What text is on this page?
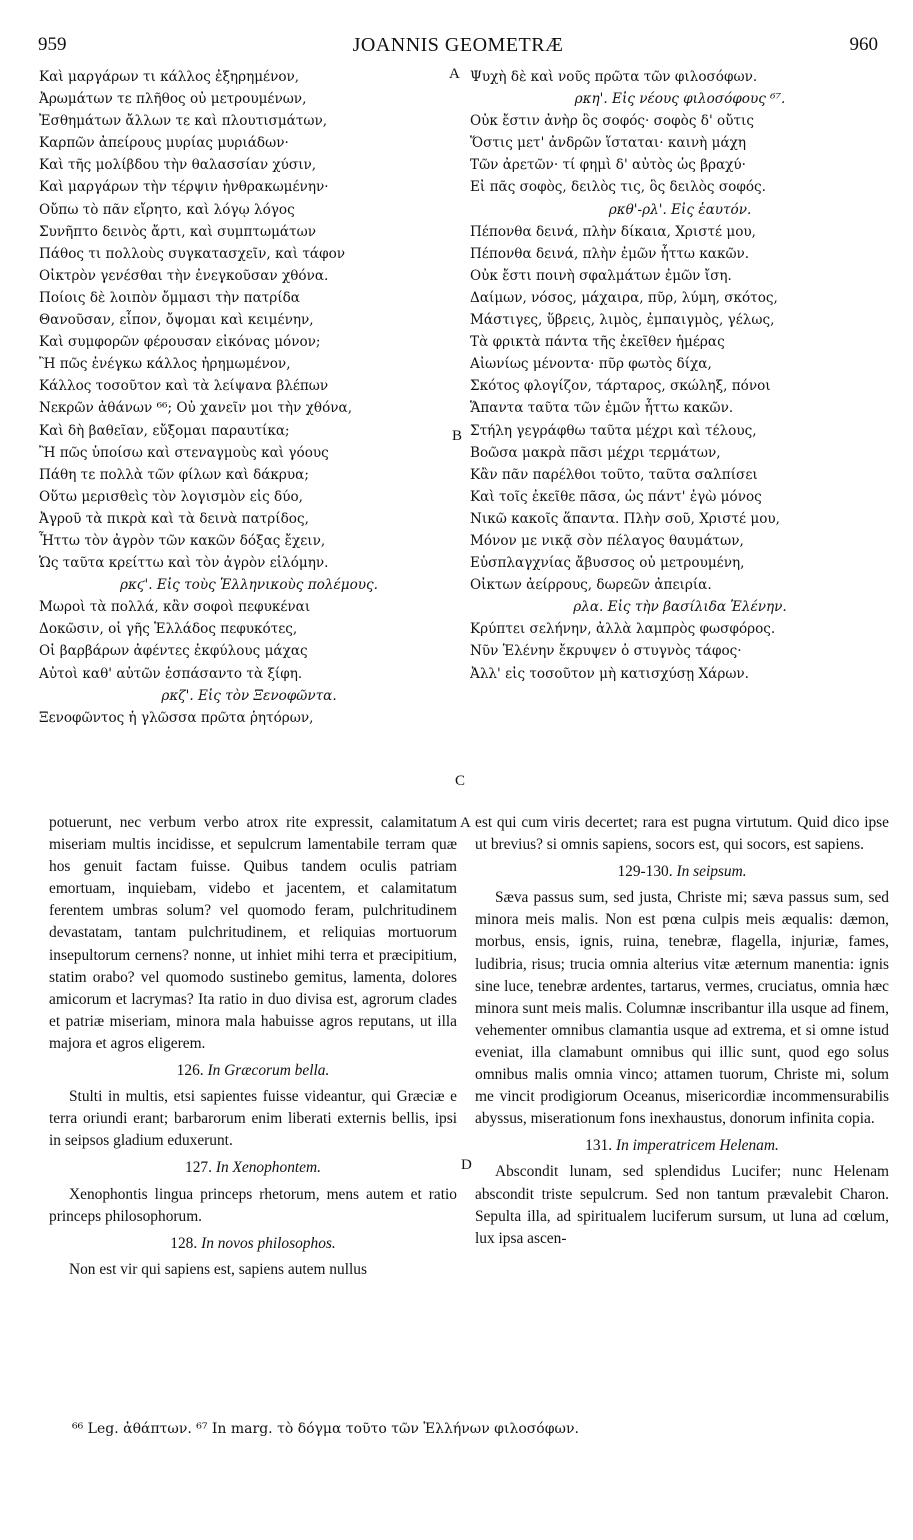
959	JOANNIS GEOMETRÆ	960
Καὶ μαργάρων τι κάλλος ἐξηρημένον,
Ἀρωμάτων τε πλῆθος οὐ μετρουμένων,
Ἐσθημάτων ἄλλων τε καὶ πλουτισμάτων,
Καρπῶν ἀπείρους μυρίας μυριάδων·
Καὶ τῆς μολίβδου τὴν θαλασσίαν χύσιν,
Καὶ μαργάρων τὴν τέρψιν ἠνθρακωμένην·
Οὔπω τὸ πᾶν εἴρητο, καὶ λόγῳ λόγος
Συνῆπτο δεινὸς ἄρτι, καὶ συμπτωμάτων
Πάθος τι πολλοὺς συγκατασχεῖν, καὶ τάφον
Οἰκτρὸν γενέσθαι τὴν ἐνεγκοῦσαν χθόνα.
Ποίοις δὲ λοιπὸν ὄμμασι τὴν πατρίδα
Θανοῦσαν, εἶπον, ὄψομαι καὶ κειμένην,
Καὶ συμφορῶν φέρουσαν εἰκόνας μόνον;
Ἢ πῶς ἐνέγκω κάλλος ἠρημωμένον,
Κάλλος τοσοῦτον καὶ τὰ λείψανα βλέπων
Νεκρῶν ἀθάνων ⁶⁶; Οὐ χανεῖν μοι τὴν χθόνα,
Καὶ δὴ βαθεῖαν, εὔξομαι παραυτίκα;
Ἢ πῶς ὑποίσω καὶ στεναγμοὺς καὶ γόους
Πάθη τε πολλὰ τῶν φίλων καὶ δάκρυα;
Οὕτω μερισθεὶς τὸν λογισμὸν εἰς δύο,
Ἀγροῦ τὰ πικρὰ καὶ τὰ δεινὰ πατρίδος,
Ἧττω τὸν ἀγρὸν τῶν κακῶν δόξας ἔχειν,
Ὡς ταῦτα κρείττω καὶ τὸν ἀγρὸν εἱλόμην.
ρκϛ'. Εἰς τοὺς Ἑλληνικοὺς πολέμους.
Μωροὶ τὰ πολλά, κἂν σοφοὶ πεφυκέναι
Δοκῶσιν, οἱ γῆς Ἑλλάδος πεφυκότες,
Οἱ βαρβάρων ἀφέντες ἐκφύλους μάχας
Αὐτοὶ καθ' αὑτῶν ἐσπάσαντο τὰ ξίφη.
ρκζ'. Εἰς τὸν Ξενοφῶντα.
Ξενοφῶντος ἡ γλῶσσα πρῶτα ῥητόρων,
Ψυχὴ δὲ καὶ νοῦς πρῶτα τῶν φιλοσόφων.
ρκη'. Εἰς νέους φιλοσόφους ⁶⁷.
Οὐκ ἔστιν ἀνὴρ ὃς σοφός· σοφὸς δ' οὔτις
Ὅστις μετ' ἀνδρῶν ἵσταται· καινὴ μάχη
Τῶν ἀρετῶν· τί φημὶ δ' αὐτὸς ὡς βραχύ·
Εἰ πᾶς σοφὸς, δειλὸς τις, ὃς δειλὸς σοφός.
ρκθ'-ρλ'. Εἰς ἑαυτόν.
Πέπονθα δεινά, πλὴν δίκαια, Χριστέ μου,
Πέπονθα δεινά, πλὴν ἐμῶν ἧττω κακῶν.
Οὐκ ἔστι ποινὴ σφαλμάτων ἐμῶν ἴση.
Δαίμων, νόσος, μάχαιρα, πῦρ, λύμη, σκότος,
Μάστιγες, ὕβρεις, λιμὸς, ἐμπαιγμὸς, γέλως,
Τὰ φρικτὰ πάντα τῆς ἐκεῖθεν ἡμέρας
Αἰωνίως μένοντα· πῦρ φωτὸς δίχα,
Σκότος φλογίζον, τάρταρος, σκώληξ, πόνοι
Ἅπαντα ταῦτα τῶν ἐμῶν ἧττω κακῶν.
Στήλη γεγράφθω ταῦτα μέχρι καὶ τέλους,
Βοῶσα μακρὰ πᾶσι μέχρι τερμάτων,
Κἂν πᾶν παρέλθοι τοῦτο, ταῦτα σαλπίσει
Καὶ τοῖς ἐκεῖθε πᾶσα, ὡς πάντ' ἐγὼ μόνος
Νικῶ κακοῖς ἅπαντα. Πλὴν σοῦ, Χριστέ μου,
Μόνον με νικᾷ σὸν πέλαγος θαυμάτων,
Εὐσπλαγχνίας ἄβυσσος οὐ μετρουμένη,
Οἰκτων ἀείρρους, δωρεῶν ἀπειρία.
ρλα. Εἰς τὴν βασίλιδα Ἑλένην.
Κρύπτει σελήνην, ἀλλὰ λαμπρὸς φωσφόρος.
Νῦν Ἑλένην ἔκρυψεν ὁ στυγνὸς τάφος·
Ἀλλ' εἰς τοσοῦτον μὴ κατισχύσῃ Χάρων.

potuerunt, nec verbum verbo atrox rite expressit, calamitatum miseriam multis incidisse, et sepulcrum lamentabile terram quæ hos genuit factam fuisse. Quibus tandem oculis patriam emortuam, inquiebam, videbo et jacentem, et calamitatum ferentem umbras solum? vel quomodo feram, pulchritudinem devastatam, tantam pulchritudinem, et reliquias mortuorum insepultorum cernens? nonne, ut inhiet mihi terra et præcipitium, statim orabo? vel quomodo sustinebo gemitus, lamenta, dolores amicorum et lacrymas? Ita ratio in duo divisa est, agrorum clades et patriæ miseriam, minora mala habuisse agros reputans, ut illa majora et agros eligerem.

126. In Græcorum bella.

Stulti in multis, etsi sapientes fuisse videantur, qui Græciæ e terra oriundi erant; barbarorum enim liberati externis bellis, ipsi in seipsos gladium eduxerunt.

127. In Xenophontem.

Xenophontis lingua princeps rhetorum, mens autem et ratio princeps philosophorum.

128. In novos philosophos.

Non est vir qui sapiens est, sapiens autem nullus

est qui cum viris decertet; rara est pugna virtutum. Quid dico ipse ut brevius? si omnis sapiens, socors est, qui socors, est sapiens.

129-130. In seipsum.

Sæva passus sum, sed justa, Christe mi; sæva passus sum, sed minora meis malis. Non est pœna culpis meis æqualis: dæmon, morbus, ensis, ignis, ruina, tenebræ, flagella, injuriæ, fames, ludibria, risus; trucia omnia alterius vitæ æternum manentia: ignis sine luce, tenebræ ardentes, tartarus, vermes, cruciatus, omnia hæc minora sunt meis malis. Columnæ inscribantur illa usque ad finem, vehementer omnibus clamantia usque ad extrema, et si omne istud eveniat, illa clamabunt omnibus qui illic sunt, quod ego solus omnibus malis omnia vinco; attamen tuorum, Christe mi, solum me vincit prodigiorum Oceanus, misericordiæ incommensurabilis abyssus, miserationum fons inexhaustus, donorum infinita copia.

131. In imperatricem Helenam.

Abscondit lunam, sed splendidus Lucifer; nunc Helenam abscondit triste sepulcrum. Sed non tantum prævalebit Charon. Sepulta illa, ad spiritualem luciferum sursum, ut luna ad cœlum, lux ipsa ascen-

A
B
C
A
D
⁶⁶ Leg. ἀθάπτων. ⁶⁷ In marg. τὸ δόγμα τοῦτο τῶν Ἑλλήνων φιλοσόφων.
